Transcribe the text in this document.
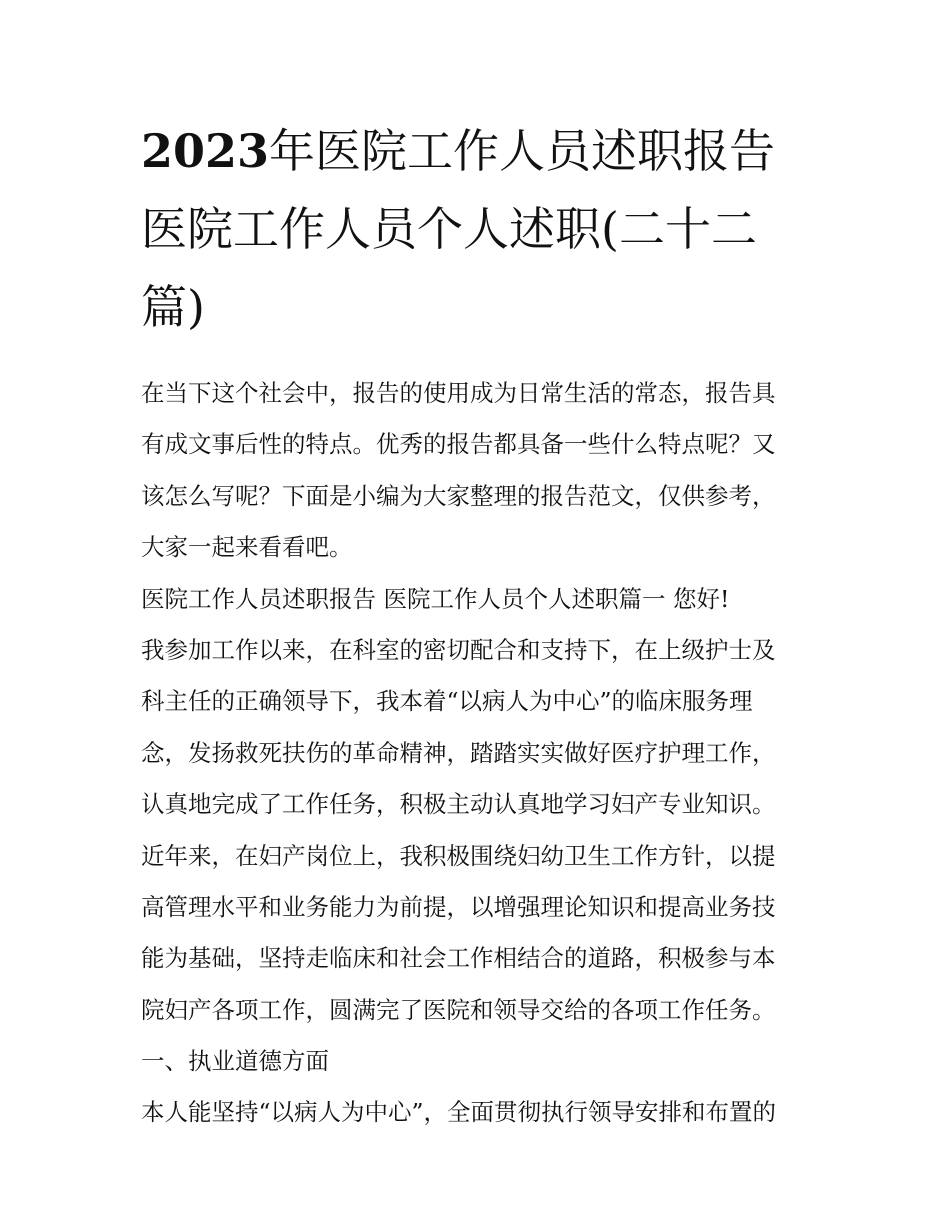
2023年医院工作人员述职报告
医院工作人员个人述职(二十二
篇)
在当下这个社会中，报告的使用成为日常生活的常态，报告具
有成文事后性的特点。优秀的报告都具备一些什么特点呢？又
该怎么写呢？下面是小编为大家整理的报告范文，仅供参考，
大家一起来看看吧。
医院工作人员述职报告 医院工作人员个人述职篇一 您好!
我参加工作以来，在科室的密切配合和支持下，在上级护士及
科主任的正确领导下，我本着“以病人为中心”的临床服务理
念，发扬救死扶伤的革命精神，踏踏实实做好医疗护理工作，
认真地完成了工作任务，积极主动认真地学习妇产专业知识。
近年来，在妇产岗位上，我积极围绕妇幼卫生工作方针，以提
高管理水平和业务能力为前提，以增强理论知识和提高业务技
能为基础，坚持走临床和社会工作相结合的道路，积极参与本
院妇产各项工作，圆满完了医院和领导交给的各项工作任务。
一、执业道德方面
本人能坚持“以病人为中心”，全面贯彻执行领导安排和布置的
